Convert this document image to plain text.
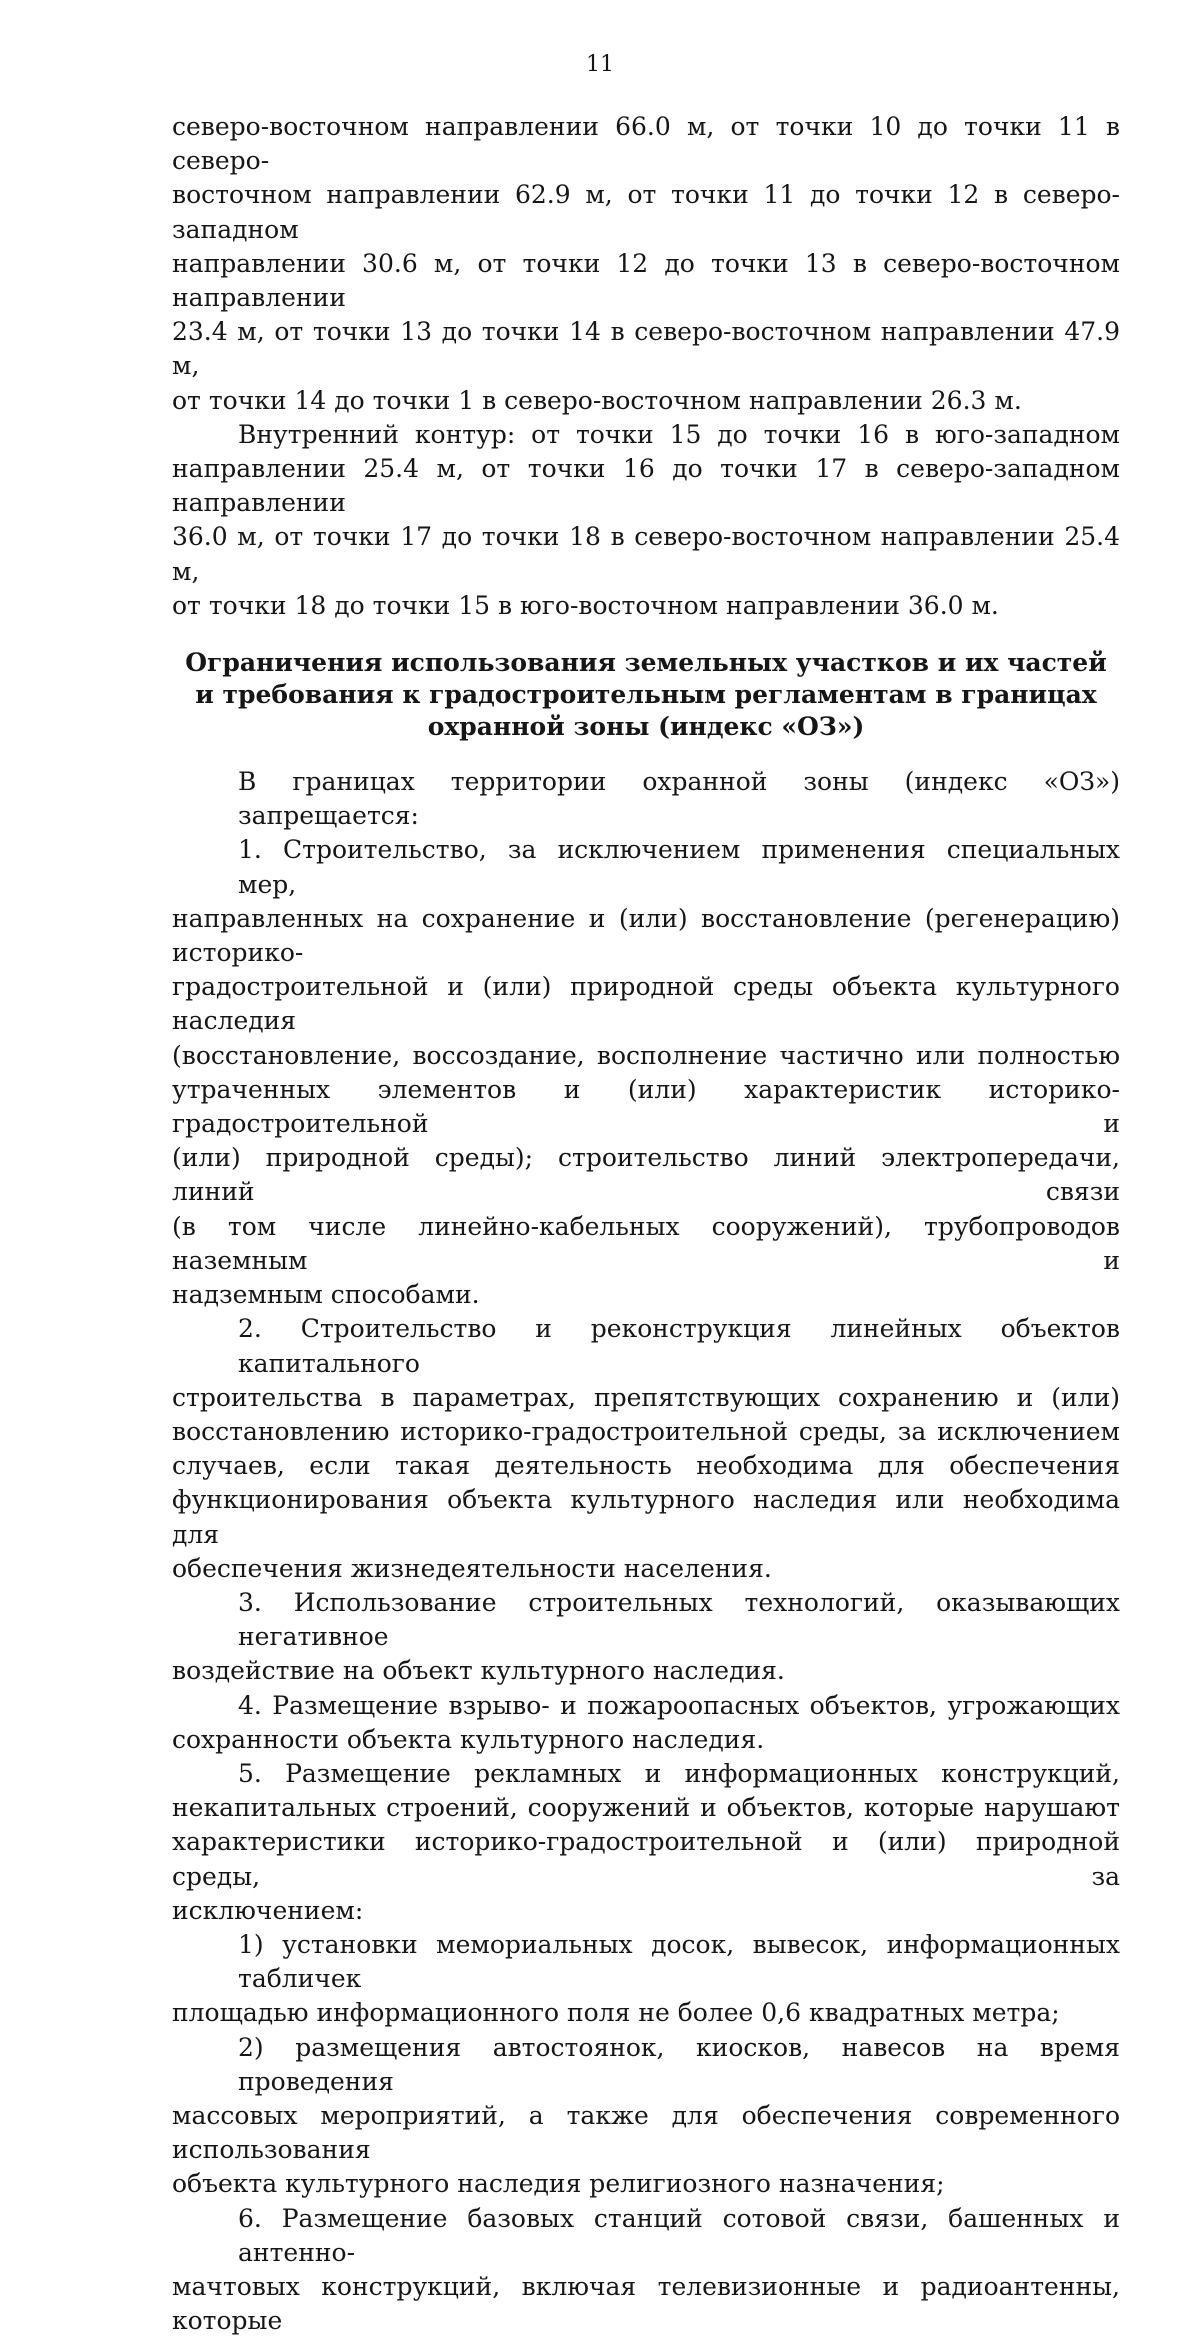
11
северо-восточном направлении 66.0 м, от точки 10 до точки 11 в северо-
восточном направлении 62.9 м, от точки 11 до точки 12 в северо-западном
направлении 30.6 м, от точки 12 до точки 13 в северо-восточном направлении
23.4 м, от точки 13 до точки 14 в северо-восточном направлении 47.9 м,
от точки 14 до точки 1 в северо-восточном направлении 26.3 м.
Внутренний контур: от точки 15 до точки 16 в юго-западном
направлении 25.4 м, от точки 16 до точки 17 в северо-западном направлении
36.0 м, от точки 17 до точки 18 в северо-восточном направлении 25.4 м,
от точки 18 до точки 15 в юго-восточном направлении 36.0 м.
Ограничения использования земельных участков и их частей
и требования к градостроительным регламентам в границах
охранной зоны (индекс «ОЗ»)
В границах территории охранной зоны (индекс «ОЗ») запрещается:
1. Строительство, за исключением применения специальных мер,
направленных на сохранение и (или) восстановление (регенерацию) историко-
градостроительной и (или) природной среды объекта культурного наследия
(восстановление, воссоздание, восполнение частично или полностью
утраченных элементов и (или) характеристик историко-градостроительной и
(или) природной среды); строительство линий электропередачи, линий связи
(в том числе линейно-кабельных сооружений), трубопроводов наземным и
надземным способами.
2. Строительство и реконструкция линейных объектов капитального
строительства в параметрах, препятствующих сохранению и (или)
восстановлению историко-градостроительной среды, за исключением
случаев, если такая деятельность необходима для обеспечения
функционирования объекта культурного наследия или необходима для
обеспечения жизнедеятельности населения.
3. Использование строительных технологий, оказывающих негативное
воздействие на объект культурного наследия.
4. Размещение взрыво- и пожароопасных объектов, угрожающих
сохранности объекта культурного наследия.
5. Размещение рекламных и информационных конструкций,
некапитальных строений, сооружений и объектов, которые нарушают
характеристики историко-градостроительной и (или) природной среды, за
исключением:
1) установки мемориальных досок, вывесок, информационных табличек
площадью информационного поля не более 0,6 квадратных метра;
2) размещения автостоянок, киосков, навесов на время проведения
массовых мероприятий, а также для обеспечения современного использования
объекта культурного наследия религиозного назначения;
6. Размещение базовых станций сотовой связи, башенных и антенно-
мачтовых конструкций, включая телевизионные и радиоантенны, которые
